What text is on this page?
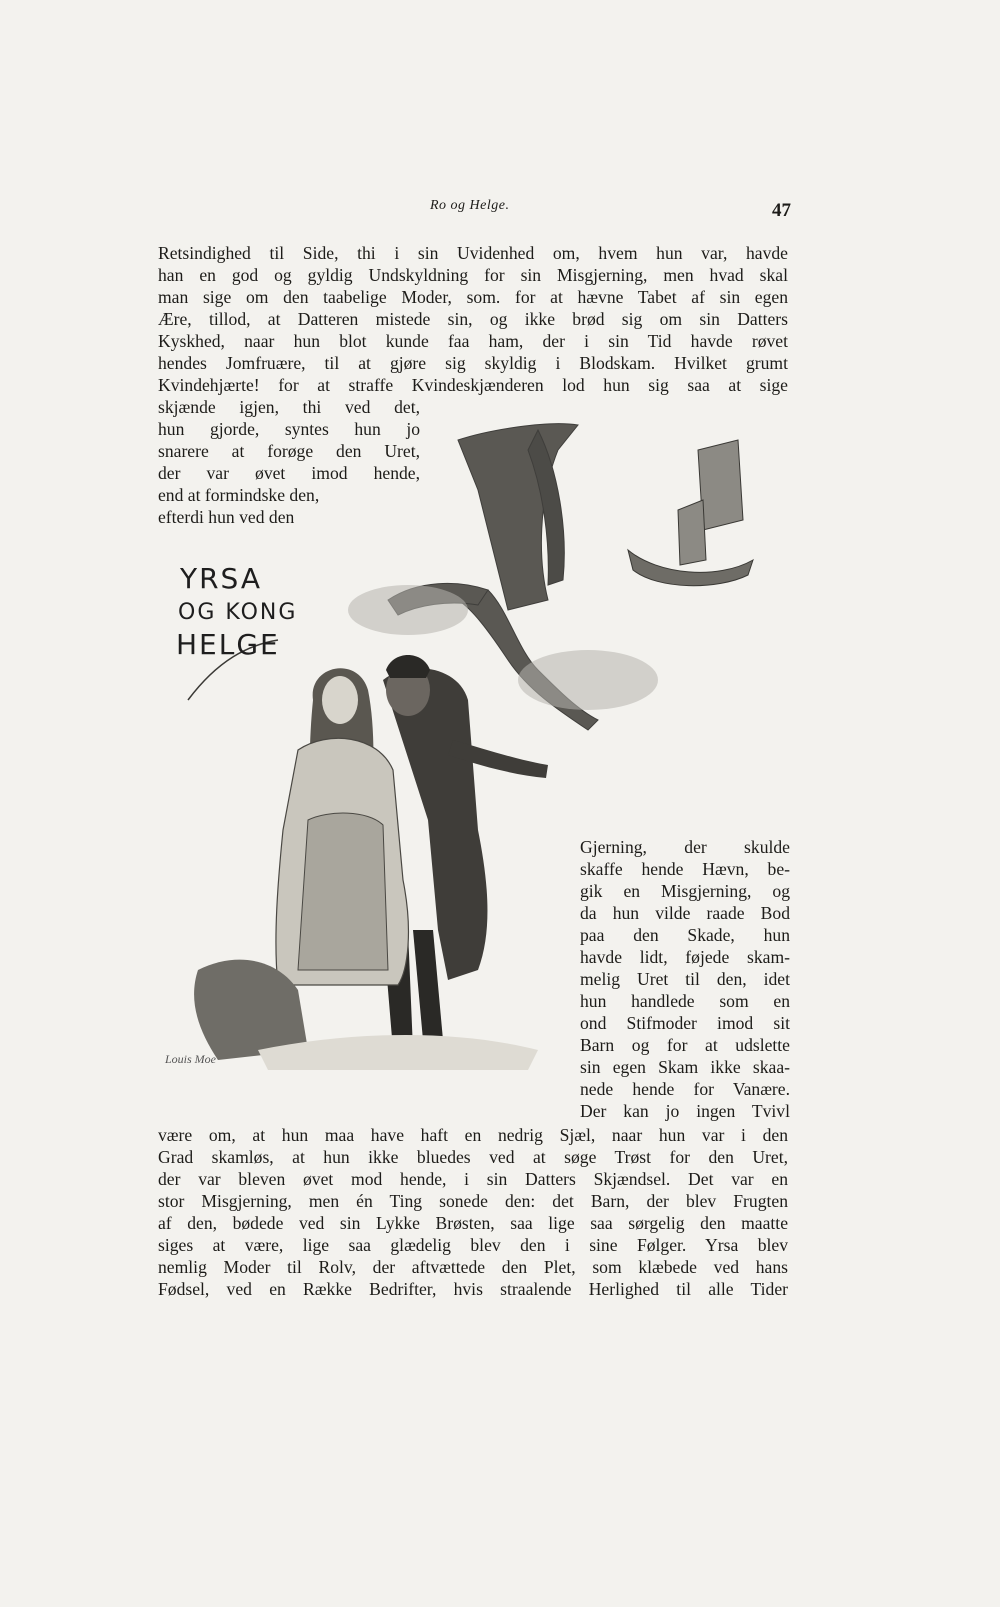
Ro og Helge.	47
Retsindighed til Side, thi i sin Uvidenhed om, hvem hun var, havde
han en god og gyldig Undskyldning for sin Misgjerning, men hvad skal
man sige om den taabelige Moder, som. for at hævne Tabet af sin egen
Ære, tillod, at Datteren mistede sin, og ikke brød sig om sin Datters
Kyskhed, naar hun blot kunde faa ham, der i sin Tid havde røvet
hendes Jomfruære, til at gjøre sig skyldig i Blodskam. Hvilket grumt
Kvindehjærte! for at straffe Kvindeskjænderen lod hun sig saa at sige
skjænde igjen, thi ved det,
hun gjorde, syntes hun jo
snarere at forøge den Uret,
der var øvet imod hende,
end at formindske den,
efterdi hun ved den
YRSA
OG KONG
HELGE
Louis Moe
Gjerning, der skulde
skaffe hende Hævn, be-
gik en Misgjerning, og
da hun vilde raade Bod
paa den Skade, hun
havde lidt, føjede skam-
melig Uret til den, idet
hun handlede som en
ond Stifmoder imod sit
Barn og for at udslette
sin egen Skam ikke skaa-
nede hende for Vanære.
Der kan jo ingen Tvivl
være om, at hun maa have haft en nedrig Sjæl, naar hun var i den
Grad skamløs, at hun ikke bluedes ved at søge Trøst for den Uret,
der var bleven øvet mod hende, i sin Datters Skjændsel. Det var en
stor Misgjerning, men én Ting sonede den: det Barn, der blev Frugten
af den, bødede ved sin Lykke Brøsten, saa lige saa sørgelig den maatte
siges at være, lige saa glædelig blev den i sine Følger. Yrsa blev
nemlig Moder til Rolv, der aftvættede den Plet, som klæbede ved hans
Fødsel, ved en Række Bedrifter, hvis straalende Herlighed til alle Tider
